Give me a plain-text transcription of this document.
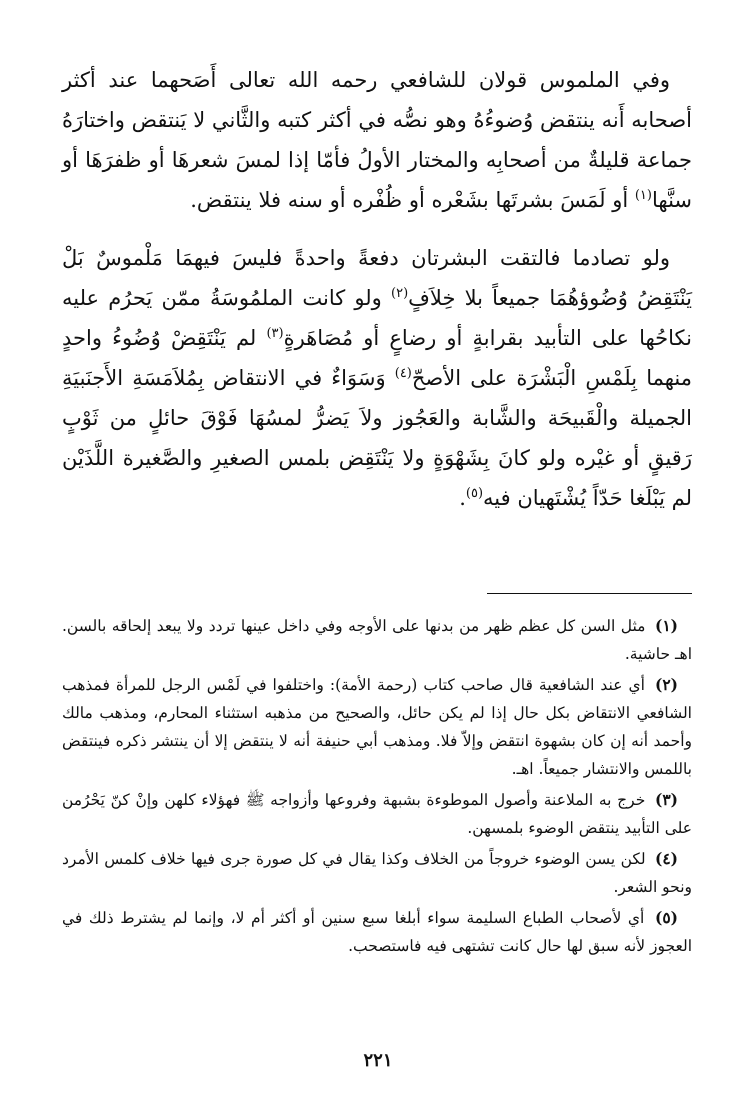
وفي الملموس قولان للشافعي رحمه الله تعالى أَصَحهما عند أكثر أصحابه أَنه ينتقض وُضوءُهُ وهو نصُّه في أكثر كتبه والثَّاني لا يَنتقض واختارَهُ جماعة قليلةٌ من أصحابِه والمختار الأولُ فأمّا إذا لمسَ شعرهَا أو ظفرَهَا أو سنَّها$^{(١)}$ أو لَمَسَ بشرتَها بشَعْره أو ظُفْره أو سنه فلا ينتقض.

ولو تصادما فالتقت البشرتان دفعةً واحدةً فليسَ فيهمَا مَلْموسٌ بَلْ يَنْتَقِضُ وُضُوؤهُمَا جميعاً بلا خِلاَفٍ$^{(٢)}$ ولو كانت الملمُوسَةُ ممّن يَحرُم عليه نكاحُها على التأبيد بقرابةٍ أو رضاعٍ أو مُصَاهَرةٍ$^{(٣)}$ لم يَنْتَقِضْ وُضُوءُ واحدٍ منهما بِلَمْسِ الْبَشْرَة على الأصحّ$^{(٤)}$ وَسَوَاءٌ في الانتقاض بِمُلاَمَسَةِ الأَجنَبيَةِ الجميلة والْقَبيحَة والشَّابة والعَجُوز ولاَ يَضرُّ لمسُهَا فَوْقَ حائلٍ من ثَوْبٍ رَقيقٍ أو غيْره ولو كانَ بِشَهْوَةٍ ولا يَنْتَقِض بلمس الصغيرِ والصَّغيرة اللَّذَيْن لم يَبْلَغا حَدّاً يُشْتَهيان فيه$^{(٥)}$.

(١) مثل السن كل عظم ظهر من بدنها على الأوجه وفي داخل عينها تردد ولا يبعد إلحاقه بالسن. اهـ حاشية.

(٢) أي عند الشافعية قال صاحب كتاب (رحمة الأمة): واختلفوا في لَمْس الرجل للمرأة فمذهب الشافعي الانتقاض بكل حال إذا لم يكن حائل، والصحيح من مذهبه استثناء المحارم، ومذهب مالك وأحمد أنه إن كان بشهوة انتقض وإلاّ فلا. ومذهب أبي حنيفة أنه لا ينتقض إلا أن ينتشر ذكره فينتقض باللمس والانتشار جميعاً. اهـ.

(٣) خرج به الملاعنة وأصول الموطوءة بشبهة وفروعها وأزواجه ﷺ فهؤلاء كلهن وإنْ كنّ يَحْرُمن على التأبيد ينتقض الوضوء بلمسهن.

(٤) لكن يسن الوضوء خروجاً من الخلاف وكذا يقال في كل صورة جرى فيها خلاف كلمس الأمرد ونحو الشعر.

(٥) أي لأصحاب الطباع السليمة سواء أبلغا سبع سنين أو أكثر أم لا، وإنما لم يشترط ذلك في العجوز لأنه سبق لها حال كانت تشتهى فيه فاستصحب.

٢٢١
